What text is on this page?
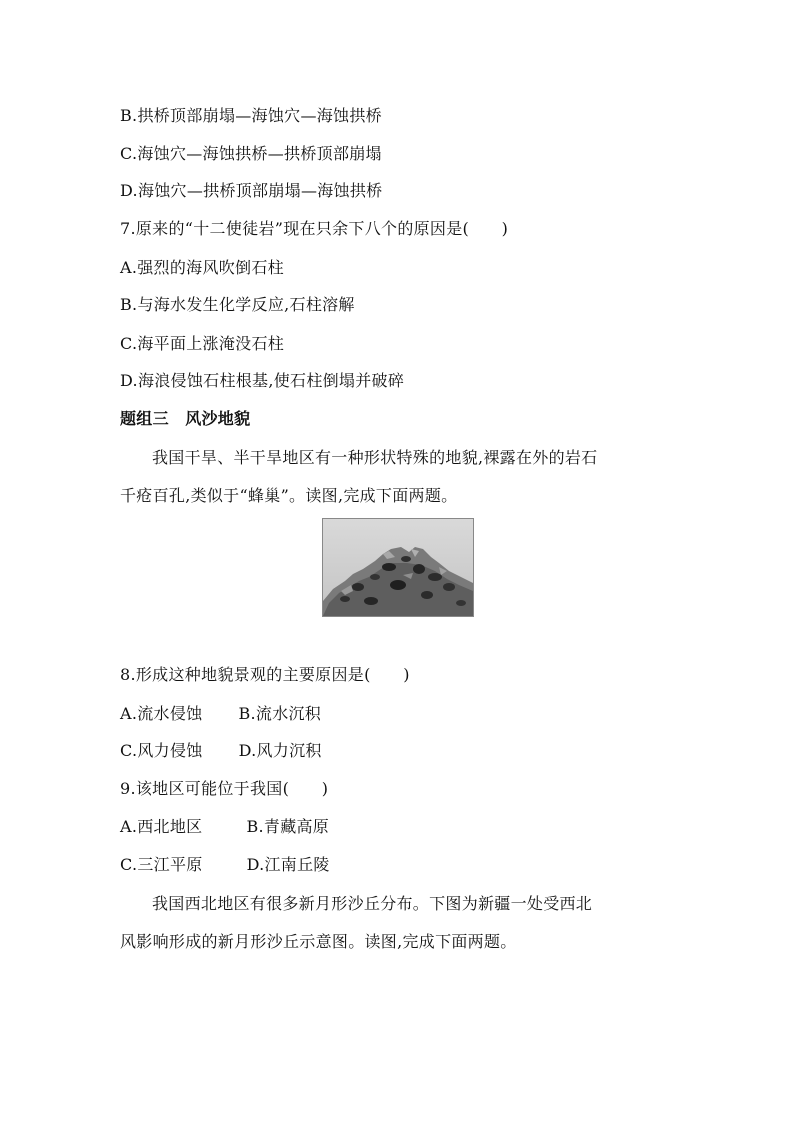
B.拱桥顶部崩塌—海蚀穴—海蚀拱桥
C.海蚀穴—海蚀拱桥—拱桥顶部崩塌
D.海蚀穴—拱桥顶部崩塌—海蚀拱桥
7.原来的“十二使徒岩”现在只余下八个的原因是(　　)
A.强烈的海风吹倒石柱
B.与海水发生化学反应,石柱溶解
C.海平面上涨淹没石柱
D.海浪侵蚀石柱根基,使石柱倒塌并破碎
题组三　风沙地貌
我国干旱、半干旱地区有一种形状特殊的地貌,裸露在外的岩石
千疮百孔,类似于“蜂巢”。读图,完成下面两题。
8.形成这种地貌景观的主要原因是(　　)
A.流水侵蚀 B.流水沉积
C.风力侵蚀 D.风力沉积
9.该地区可能位于我国(　　)
A.西北地区	B.青藏高原
C.三江平原	D.江南丘陵
我国西北地区有很多新月形沙丘分布。下图为新疆一处受西北
风影响形成的新月形沙丘示意图。读图,完成下面两题。
